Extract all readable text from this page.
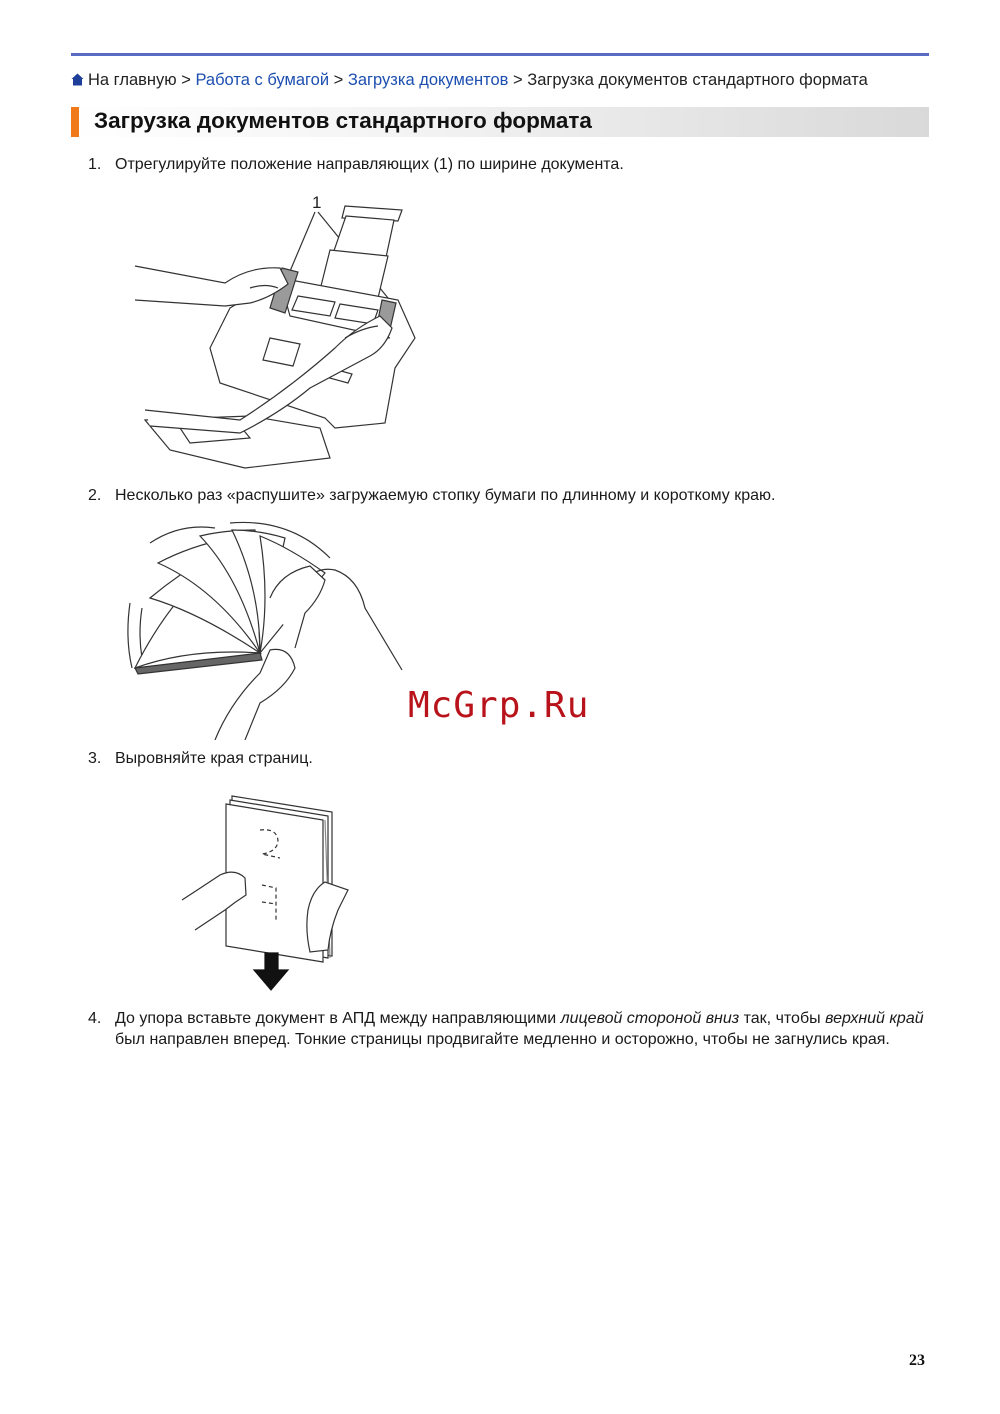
На главную > Работа с бумагой > Загрузка документов > Загрузка документов стандартного формата
Загрузка документов стандартного формата
1. Отрегулируйте положение направляющих (1) по ширине документа.
1
2. Несколько раз «распушите» загружаемую стопку бумаги по длинному и короткому краю.
McGrp.Ru
3. Выровняйте края страниц.
4. До упора вставьте документ в АПД между направляющими лицевой стороной вниз так, чтобы верхний край был направлен вперед. Тонкие страницы продвигайте медленно и осторожно, чтобы не загнулись края.
23
